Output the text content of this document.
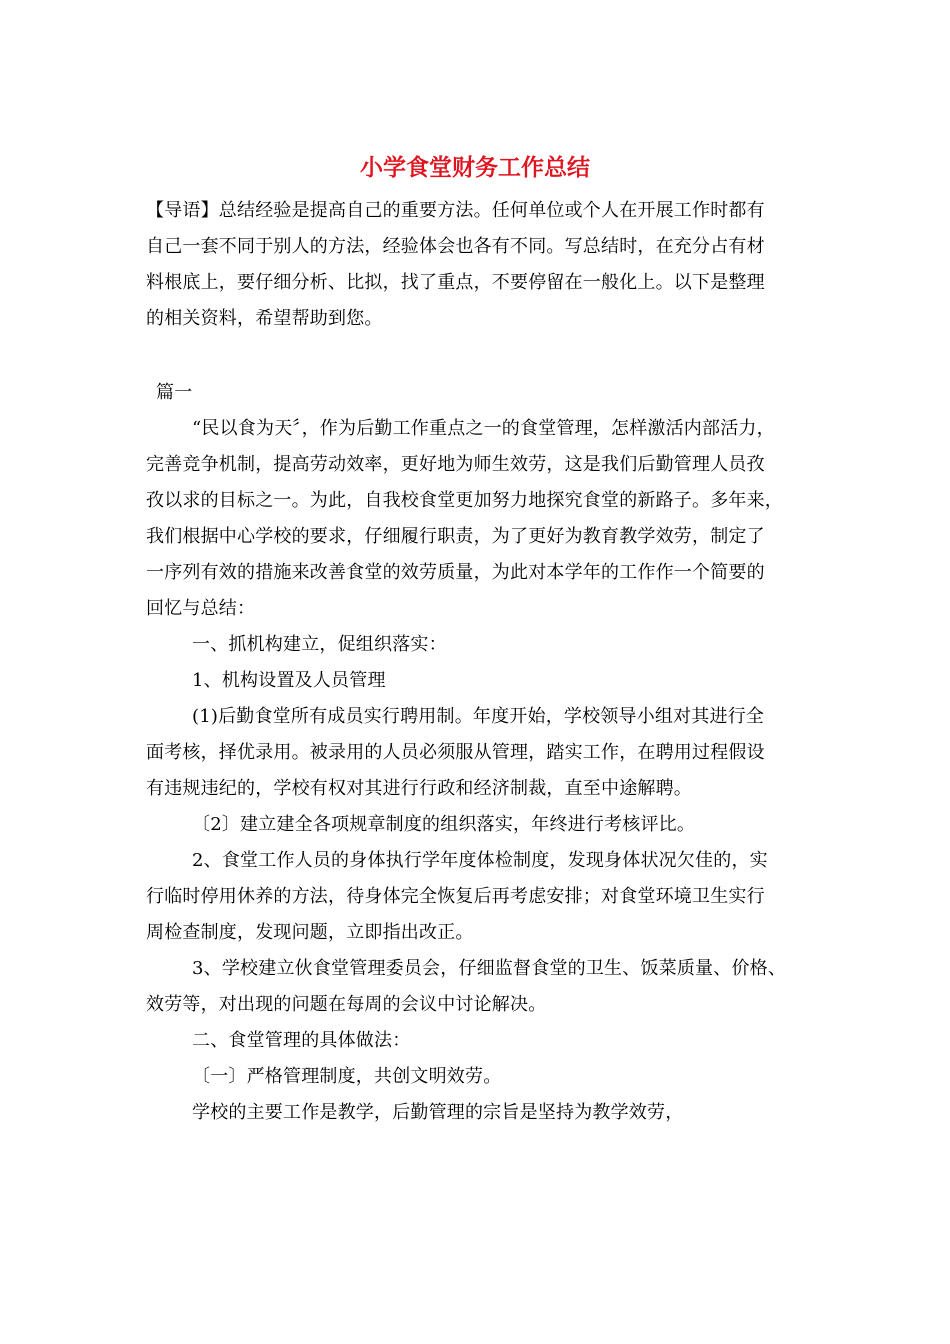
小学食堂财务工作总结
【导语】总结经验是提高自己的重要方法。任何单位或个人在开展工作时都有
自己一套不同于别人的方法，经验体会也各有不同。写总结时，在充分占有材
料根底上，要仔细分析、比拟，找了重点，不要停留在一般化上。以下是整理
的相关资料，希望帮助到您。
篇一
“民以食为天〞，作为后勤工作重点之一的食堂管理，怎样激活内部活力，
完善竞争机制，提高劳动效率，更好地为师生效劳，这是我们后勤管理人员孜
孜以求的目标之一。为此，自我校食堂更加努力地探究食堂的新路子。多年来，
我们根据中心学校的要求，仔细履行职责，为了更好为教育教学效劳，制定了
一序列有效的措施来改善食堂的效劳质量，为此对本学年的工作作一个简要的
回忆与总结：
一、抓机构建立，促组织落实：
1、机构设置及人员管理
(1)后勤食堂所有成员实行聘用制。年度开始，学校领导小组对其进行全
面考核，择优录用。被录用的人员必须服从管理，踏实工作，在聘用过程假设
有违规违纪的，学校有权对其进行行政和经济制裁，直至中途解聘。
〔2〕建立建全各项规章制度的组织落实，年终进行考核评比。
2、食堂工作人员的身体执行学年度体检制度，发现身体状况欠佳的，实
行临时停用休养的方法，待身体完全恢复后再考虑安排；对食堂环境卫生实行
周检查制度，发现问题，立即指出改正。
3、学校建立伙食堂管理委员会，仔细监督食堂的卫生、饭菜质量、价格、
效劳等，对出现的问题在每周的会议中讨论解决。
二、食堂管理的具体做法：
〔一〕严格管理制度，共创文明效劳。
学校的主要工作是教学，后勤管理的宗旨是坚持为教学效劳，
